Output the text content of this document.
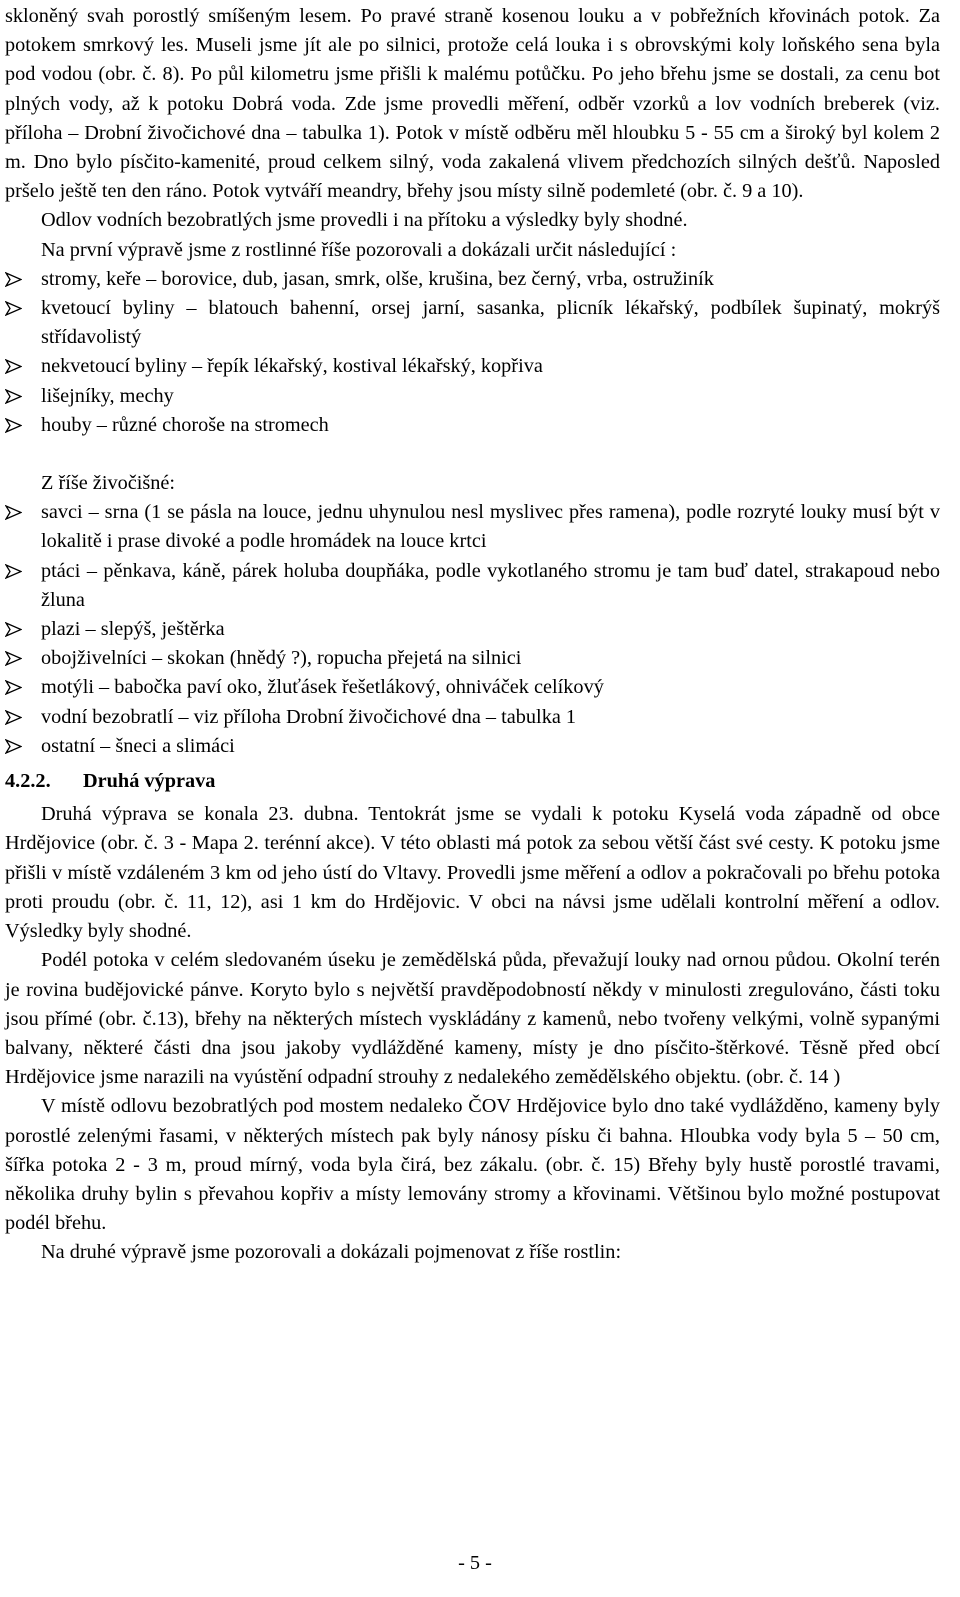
skloněný svah porostlý smíšeným lesem. Po pravé straně kosenou louku a v pobřežních křovinách potok. Za potokem smrkový les. Museli jsme jít ale po silnici, protože celá louka i s obrovskými koly loňského sena byla pod vodou (obr. č. 8). Po půl kilometru jsme přišli k malému potůčku. Po jeho břehu jsme se dostali, za cenu bot plných vody, až k potoku Dobrá voda. Zde jsme provedli měření, odběr vzorků a lov vodních breberek (viz. příloha – Drobní živočichové dna – tabulka 1). Potok v místě odběru měl hloubku 5 - 55 cm a široký byl kolem 2 m. Dno bylo písčito-kamenité, proud celkem silný, voda zakalená vlivem předchozích silných dešťů. Naposled pršelo ještě ten den ráno. Potok vytváří meandry, břehy jsou místy silně podemleté (obr. č. 9 a 10).

Odlov vodních bezobratlých jsme provedli i na přítoku a výsledky byly shodné.

Na první výpravě jsme z rostlinné říše pozorovali a dokázali určit následující :

stromy, keře – borovice, dub, jasan, smrk, olše, krušina, bez černý, vrba, ostružiník
kvetoucí byliny – blatouch bahenní, orsej jarní, sasanka, plicník lékařský, podbílek šupinatý, mokrýš střídavolistý
nekvetoucí byliny – řepík lékařský, kostival lékařský, kopřiva
lišejníky, mechy
houby – různé choroše na stromech

Z říše živočišné:

savci – srna (1 se pásla na louce, jednu uhynulou nesl myslivec přes ramena), podle rozryté louky musí být v lokalitě i prase divoké a podle hromádek na louce krtci
ptáci – pěnkava, káně, párek holuba doupňáka, podle vykotlaného stromu je tam buď datel, strakapoud nebo žluna
plazi – slepýš, ještěrka
obojživelníci – skokan (hnědý ?), ropucha přejetá na silnici
motýli – babočka paví oko, žluťásek řešetlákový, ohniváček celíkový
vodní bezobratlí – viz příloha Drobní živočichové dna – tabulka 1
ostatní – šneci a slimáci
4.2.2. Druhá výprava

Druhá výprava se konala 23. dubna. Tentokrát jsme se vydali k potoku Kyselá voda západně od obce Hrdějovice (obr. č. 3 - Mapa 2. terénní akce). V této oblasti má potok za sebou větší část své cesty. K potoku jsme přišli v místě vzdáleném 3 km od jeho ústí do Vltavy. Provedli jsme měření a odlov a pokračovali po břehu potoka proti proudu (obr. č. 11, 12), asi 1 km do Hrdějovic. V obci na návsi jsme udělali kontrolní měření a odlov. Výsledky byly shodné.

Podél potoka v celém sledovaném úseku je zemědělská půda, převažují louky nad ornou půdou. Okolní terén je rovina budějovické pánve. Koryto bylo s největší pravděpodobností někdy v minulosti zregulováno, části toku jsou přímé (obr. č.13), břehy na některých místech vyskládány z kamenů, nebo tvořeny velkými, volně sypanými balvany, některé části dna jsou jakoby vydlážděné kameny, místy je dno písčito-štěrkové. Těsně před obcí Hrdějovice jsme narazili na vyústění odpadní strouhy z nedalekého zemědělského objektu. (obr. č. 14 )

V místě odlovu bezobratlých pod mostem nedaleko ČOV Hrdějovice bylo dno také vydlážděno, kameny byly porostlé zelenými řasami, v některých místech pak byly nánosy písku či bahna. Hloubka vody byla 5 – 50 cm, šířka potoka 2 - 3 m, proud mírný, voda byla čirá, bez zákalu. (obr. č. 15) Břehy byly hustě porostlé travami, několika druhy bylin s převahou kopřiv a místy lemovány stromy a křovinami. Většinou bylo možné postupovat podél břehu.

Na druhé výpravě jsme pozorovali a dokázali pojmenovat z říše rostlin:

- 5 -
